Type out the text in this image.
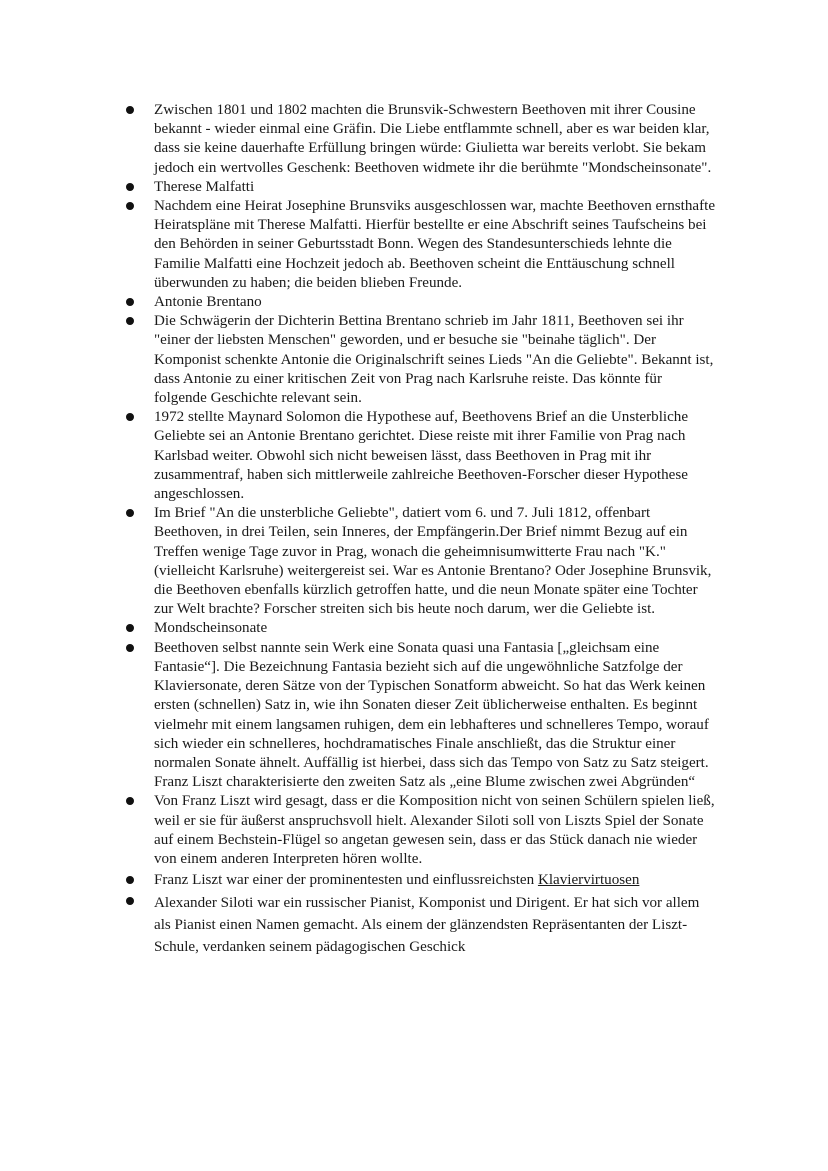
Zwischen 1801 und 1802 machten die Brunsvik-Schwestern Beethoven mit ihrer Cousine bekannt - wieder einmal eine Gräfin. Die Liebe entflammte schnell, aber es war beiden klar, dass sie keine dauerhafte Erfüllung bringen würde: Giulietta war bereits verlobt. Sie bekam jedoch ein wertvolles Geschenk: Beethoven widmete ihr die berühmte "Mondscheinsonate".
Therese Malfatti
Nachdem eine Heirat Josephine Brunsviks ausgeschlossen war, machte Beethoven ernsthafte Heiratspläne mit Therese Malfatti. Hierfür bestellte er eine Abschrift seines Taufscheins bei den Behörden in seiner Geburtsstadt Bonn. Wegen des Standesunterschieds lehnte die Familie Malfatti eine Hochzeit jedoch ab. Beethoven scheint die Enttäuschung schnell überwunden zu haben; die beiden blieben Freunde.
Antonie Brentano
Die Schwägerin der Dichterin Bettina Brentano schrieb im Jahr 1811, Beethoven sei ihr "einer der liebsten Menschen" geworden, und er besuche sie "beinahe täglich". Der Komponist schenkte Antonie die Originalschrift seines Lieds "An die Geliebte". Bekannt ist, dass Antonie zu einer kritischen Zeit von Prag nach Karlsruhe reiste. Das könnte für folgende Geschichte relevant sein.
1972 stellte Maynard Solomon die Hypothese auf, Beethovens Brief an die Unsterbliche Geliebte sei an Antonie Brentano gerichtet. Diese reiste mit ihrer Familie von Prag nach Karlsbad weiter. Obwohl sich nicht beweisen lässt, dass Beethoven in Prag mit ihr zusammentraf, haben sich mittlerweile zahlreiche Beethoven-Forscher dieser Hypothese angeschlossen.
Im Brief "An die unsterbliche Geliebte", datiert vom 6. und 7. Juli 1812, offenbart Beethoven, in drei Teilen, sein Inneres, der Empfängerin.Der Brief nimmt Bezug auf ein Treffen wenige Tage zuvor in Prag, wonach die geheimnisumwitterte Frau nach "K." (vielleicht Karlsruhe) weitergereist sei. War es Antonie Brentano? Oder Josephine Brunsvik, die Beethoven ebenfalls kürzlich getroffen hatte, und die neun Monate später eine Tochter zur Welt brachte? Forscher streiten sich bis heute noch darum, wer die Geliebte ist.
Mondscheinsonate
Beethoven selbst nannte sein Werk eine Sonata quasi una Fantasia [„gleichsam eine Fantasie“]. Die Bezeichnung Fantasia bezieht sich auf die ungewöhnliche Satzfolge der Klaviersonate, deren Sätze von der Typischen Sonatform abweicht. So hat das Werk keinen ersten (schnellen) Satz in, wie ihn Sonaten dieser Zeit üblicherweise enthalten. Es beginnt vielmehr mit einem langsamen ruhigen, dem ein lebhafteres und schnelleres Tempo, worauf sich wieder ein schnelleres, hochdramatisches Finale anschließt, das die Struktur einer normalen Sonate ähnelt. Auffällig ist hierbei, dass sich das Tempo von Satz zu Satz steigert. Franz Liszt charakterisierte den zweiten Satz als „eine Blume zwischen zwei Abgründen“
Von Franz Liszt wird gesagt, dass er die Komposition nicht von seinen Schülern spielen ließ, weil er sie für äußerst anspruchsvoll hielt. Alexander Siloti soll von Liszts Spiel der Sonate auf einem Bechstein-Flügel so angetan gewesen sein, dass er das Stück danach nie wieder von einem anderen Interpreten hören wollte.
Franz Liszt war einer der prominentesten und einflussreichsten Klaviervirtuosen
Alexander Siloti war ein russischer Pianist, Komponist und Dirigent. Er hat sich vor allem als Pianist einen Namen gemacht. Als einem der glänzendsten Repräsentanten der Liszt-Schule, verdanken seinem pädagogischen Geschick
